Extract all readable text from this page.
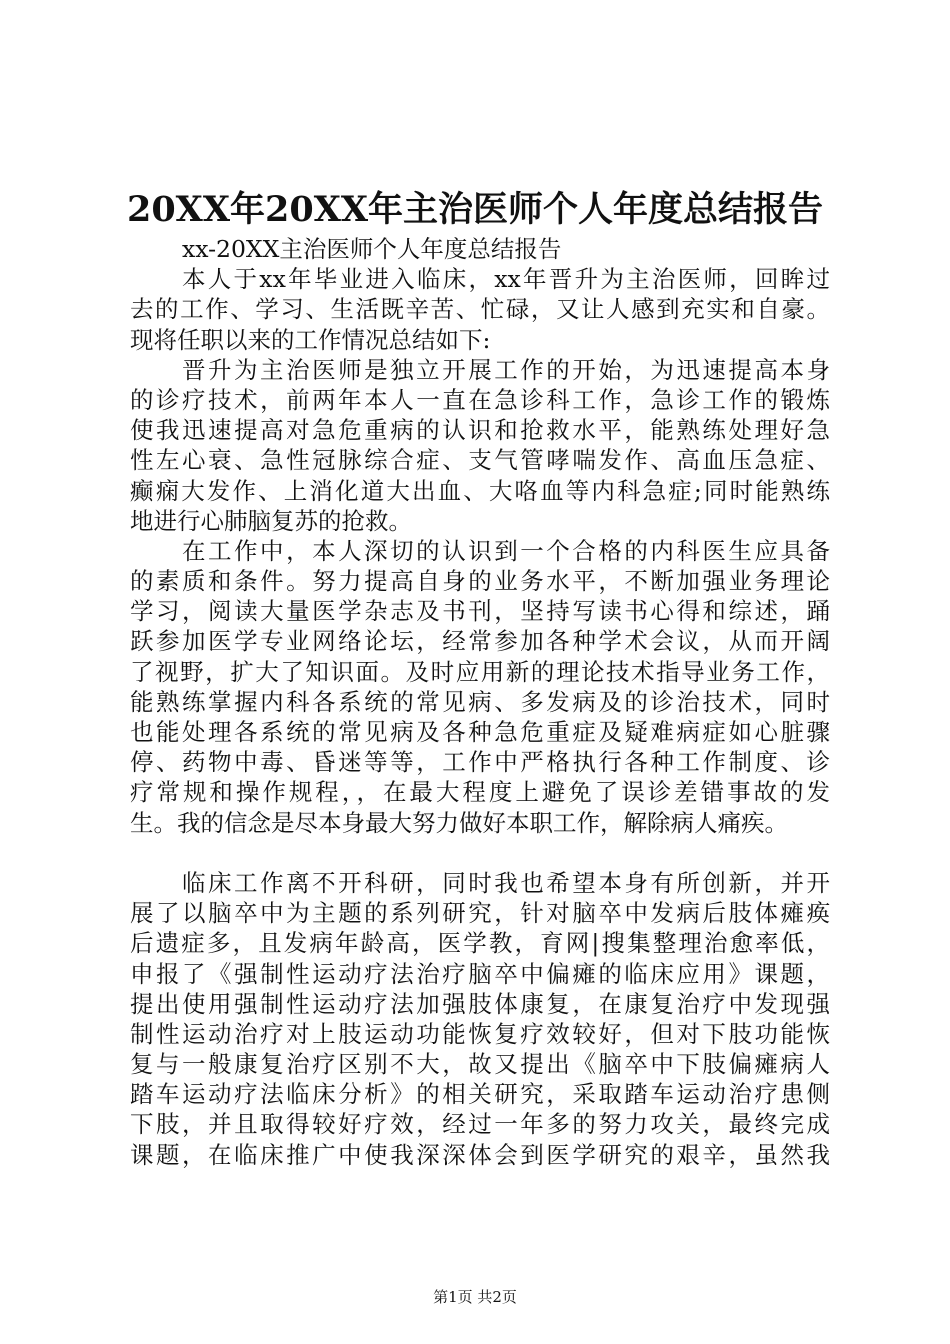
20XX年20XX年主治医师个人年度总结报告
xx-20XX主治医师个人年度总结报告
本人于xx年毕业进入临床，xx年晋升为主治医师，回眸过
去的工作、学习、生活既辛苦、忙碌，又让人感到充实和自豪。
现将任职以来的工作情况总结如下:
晋升为主治医师是独立开展工作的开始，为迅速提高本身
的诊疗技术，前两年本人一直在急诊科工作，急诊工作的锻炼
使我迅速提高对急危重病的认识和抢救水平，能熟练处理好急
性左心衰、急性冠脉综合症、支气管哮喘发作、高血压急症、
癫痫大发作、上消化道大出血、大咯血等内科急症;同时能熟练
地进行心肺脑复苏的抢救。
在工作中，本人深切的认识到一个合格的内科医生应具备
的素质和条件。努力提高自身的业务水平，不断加强业务理论
学习，阅读大量医学杂志及书刊，坚持写读书心得和综述，踊
跃参加医学专业网络论坛，经常参加各种学术会议，从而开阔
了视野，扩大了知识面。及时应用新的理论技术指导业务工作，
能熟练掌握内科各系统的常见病、多发病及的诊治技术，同时
也能处理各系统的常见病及各种急危重症及疑难病症如心脏骤
停、药物中毒、昏迷等等，工作中严格执行各种工作制度、诊
疗常规和操作规程，，在最大程度上避免了误诊差错事故的发
生。我的信念是尽本身最大努力做好本职工作，解除病人痛疾。
临床工作离不开科研，同时我也希望本身有所创新，并开
展了以脑卒中为主题的系列研究，针对脑卒中发病后肢体瘫痪
后遗症多，且发病年龄高，医学教，育网|搜集整理治愈率低，
申报了《强制性运动疗法治疗脑卒中偏瘫的临床应用》课题，
提出使用强制性运动疗法加强肢体康复，在康复治疗中发现强
制性运动治疗对上肢运动功能恢复疗效较好，但对下肢功能恢
复与一般康复治疗区别不大，故又提出《脑卒中下肢偏瘫病人
踏车运动疗法临床分析》的相关研究，采取踏车运动治疗患侧
下肢，并且取得较好疗效，经过一年多的努力攻关，最终完成
课题，在临床推广中使我深深体会到医学研究的艰辛，虽然我
第1页 共2页
